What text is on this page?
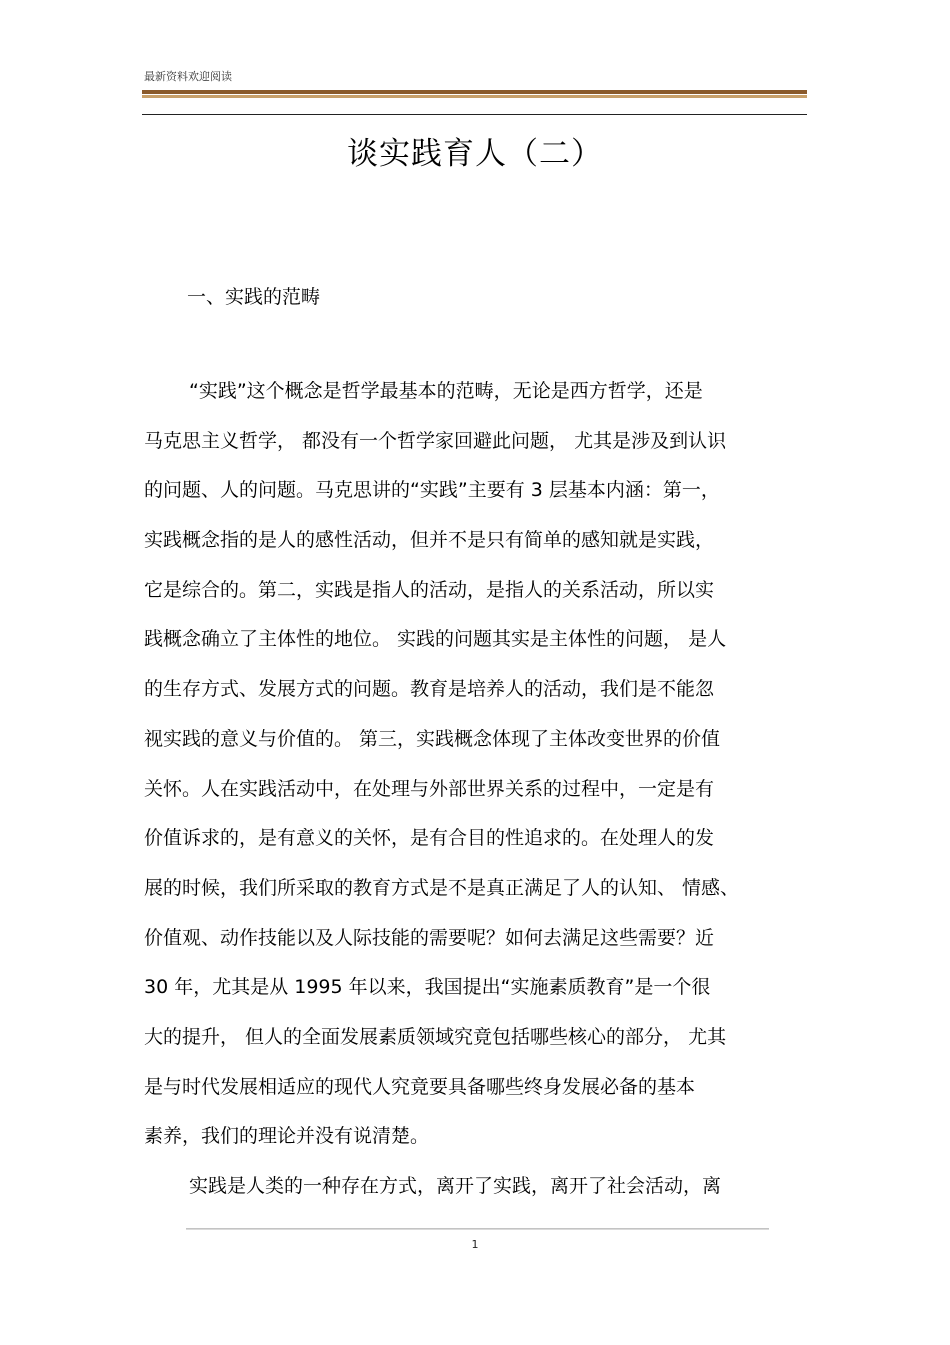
最新资料欢迎阅读
谈实践育人（二）
一、实践的范畴
“实践”这个概念是哲学最基本的范畴，无论是西方哲学，还是
马克思主义哲学， 都没有一个哲学家回避此问题， 尤其是涉及到认识
的问题、人的问题。马克思讲的“实践”主要有 3 层基本内涵：第一，
实践概念指的是人的感性活动，但并不是只有简单的感知就是实践，
它是综合的。第二，实践是指人的活动，是指人的关系活动，所以实
践概念确立了主体性的地位。 实践的问题其实是主体性的问题， 是人
的生存方式、发展方式的问题。教育是培养人的活动，我们是不能忽
视实践的意义与价值的。 第三，实践概念体现了主体改变世界的价值
关怀。人在实践活动中，在处理与外部世界关系的过程中，一定是有
价值诉求的，是有意义的关怀，是有合目的性追求的。在处理人的发
展的时候，我们所采取的教育方式是不是真正满足了人的认知、 情感、
价值观、动作技能以及人际技能的需要呢？如何去满足这些需要？近
30 年，尤其是从 1995 年以来，我国提出“实施素质教育”是一个很
大的提升， 但人的全面发展素质领域究竟包括哪些核心的部分， 尤其
是与时代发展相适应的现代人究竟要具备哪些终身发展必备的基本
素养，我们的理论并没有说清楚。
实践是人类的一种存在方式，离开了实践，离开了社会活动，离
1
